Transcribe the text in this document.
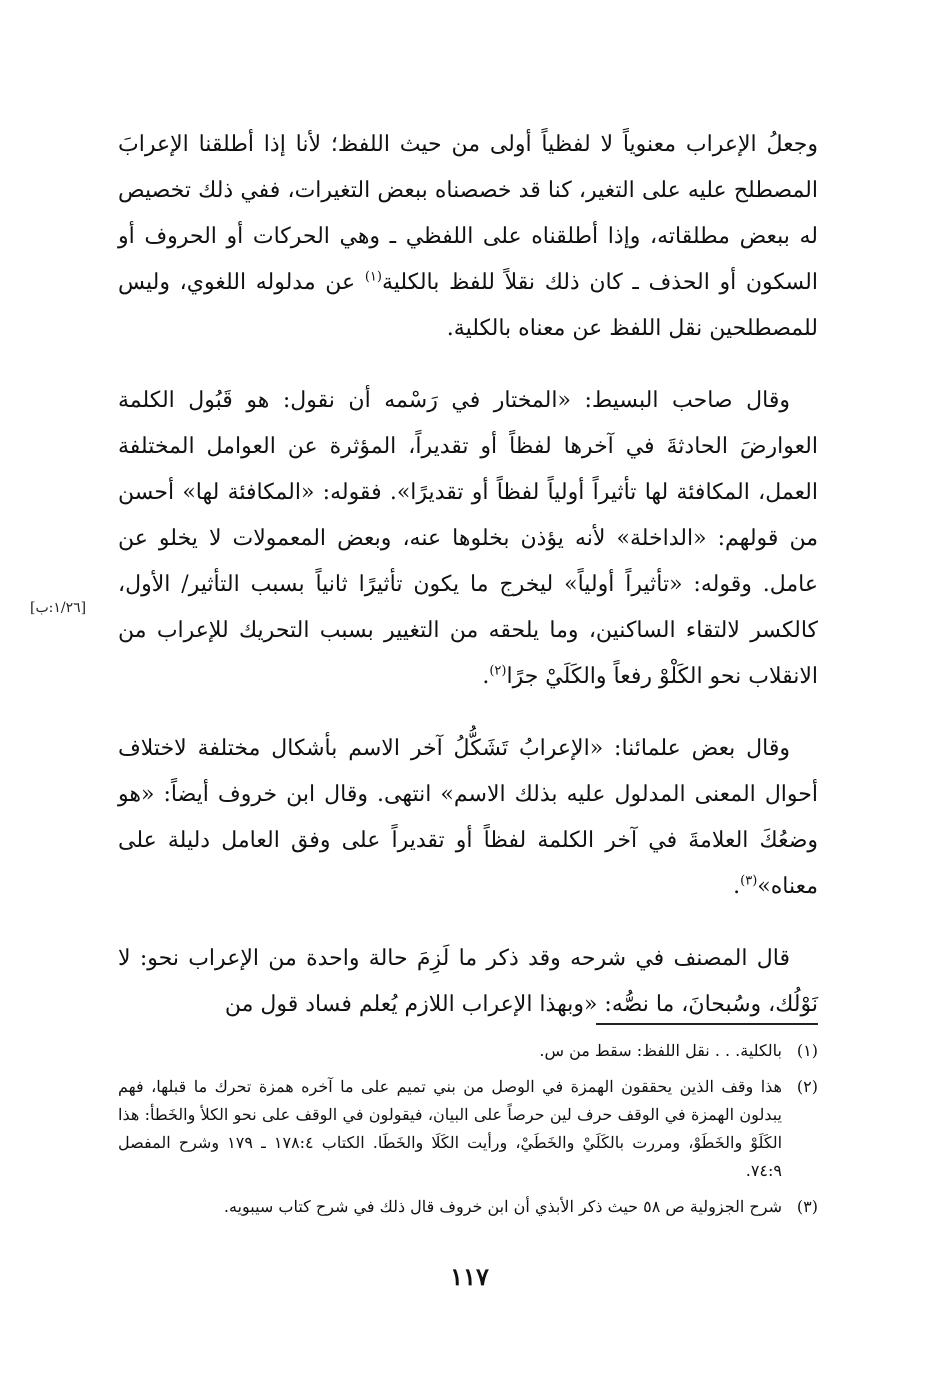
وجعلُ الإعراب معنوياً لا لفظياً أولى من حيث اللفظ؛ لأنا إذا أطلقنا الإعرابَ المصطلح عليه على التغير، كنا قد خصصناه ببعض التغيرات، ففي ذلك تخصيص له ببعض مطلقاته، وإذا أطلقناه على اللفظي ـ وهي الحركات أو الحروف أو السكون أو الحذف ـ كان ذلك نقلاً للفظ بالكلية$^{(١)}$ عن مدلوله اللغوي، وليس للمصطلحين نقل اللفظ عن معناه بالكلية.

وقال صاحب البسيط: «المختار في رَسْمه أن نقول: هو قَبُول الكلمة العوارضَ الحادثةَ في آخرها لفظاً أو تقديراً، المؤثرة عن العوامل المختلفة العمل، المكافئة لها تأثيراً أولياً لفظاً أو تقديرًا». فقوله: «المكافئة لها» أحسن من قولهم: «الداخلة» لأنه يؤذن بخلوها عنه، وبعض المعمولات لا يخلو عن عامل. وقوله: «تأثيراً أولياً» ليخرج ما يكون تأثيرًا ثانياً بسبب التأثير/ الأول، كالكسر لالتقاء الساكنين، وما يلحقه من التغيير بسبب التحريك للإعراب من الانقلاب نحو الكَلْوْ رفعاً والكَلَيْ جرًا$^{(٢)}$.

وقال بعض علمائنا: «الإعرابُ تَشَكُّلُ آخر الاسم بأشكال مختلفة لاختلاف أحوال المعنى المدلول عليه بذلك الاسم» انتهى. وقال ابن خروف أيضاً: «هو وضعُكَ العلامةَ في آخر الكلمة لفظاً أو تقديراً على وفق العامل دليلة على معناه»$^{(٣)}$.

قال المصنف في شرحه وقد ذكر ما لَزِمَ حالة واحدة من الإعراب نحو: لا نَوْلُك، وسُبحانَ، ما نصُّه: «وبهذا الإعراب اللازم يُعلم فساد قول من

[١/٢٦:ب]
(١)
بالكلية. . . نقل اللفظ: سقط من س.
(٢)
هذا وقف الذين يحققون الهمزة في الوصل من بني تميم على ما آخره همزة تحرك ما قبلها، فهم يبدلون الهمزة في الوقف حرف لين حرصاً على البيان، فيقولون في الوقف على نحو الكلأ والخَطأ: هذا الكَلَوْ والخَطَوْ، ومررت بالكَلَيْ والخَطَيْ، ورأيت الكَلَا والخَطَا. الكتاب ١٧٨:٤ ـ ١٧٩ وشرح المفصل ٧٤:٩.
(٣)
شرح الجزولية ص ٥٨ حيث ذكر الأبذي أن ابن خروف قال ذلك في شرح كتاب سيبويه.
١١٧
